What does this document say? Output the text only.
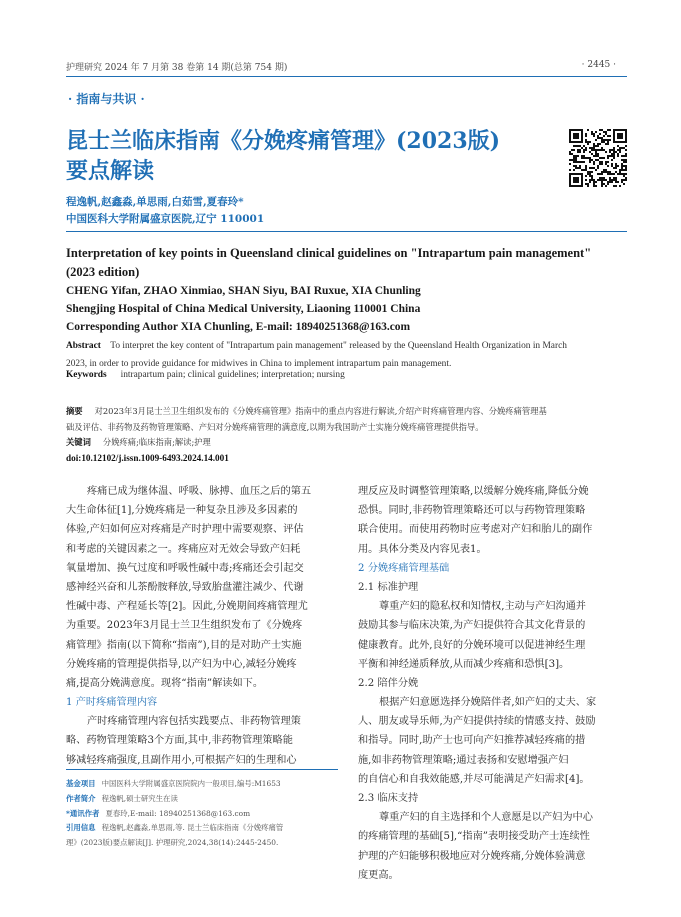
护理研究 2024 年 7 月第 38 卷第 14 期(总第 754 期)	· 2445 ·
· 指南与共识 ·
昆士兰临床指南《分娩疼痛管理》(2023版)
要点解读
程逸帆,赵鑫淼,单思雨,白茹雪,夏春玲*
中国医科大学附属盛京医院,辽宁 110001
Interpretation of key points in Queensland clinical guidelines on "Intrapartum pain management"
(2023 edition)
CHENG Yifan, ZHAO Xinmiao, SHAN Siyu, BAI Ruxue, XIA Chunling
Shengjing Hospital of China Medical University, Liaoning 110001 China
Corresponding Author XIA Chunling, E-mail: 18940251368@163.com
Abstract To interpret the key content of "Intrapartum pain management" released by the Queensland Health Organization in March
2023, in order to provide guidance for midwives in China to implement intrapartum pain management.
Keywords intrapartum pain; clinical guidelines; interpretation; nursing
摘要 对2023年3月昆士兰卫生组织发布的《分娩疼痛管理》指南中的重点内容进行解读,介绍产时疼痛管理内容、分娩疼痛管理基
础及评估、非药物及药物管理策略、产妇对分娩疼痛管理的满意度,以期为我国助产士实施分娩疼痛管理提供指导。
关键词 分娩疼痛;临床指南;解读;护理
doi:10.12102/j.issn.1009-6493.2024.14.001
疼痛已成为继体温、呼吸、脉搏、血压之后的第五
大生命体征[1],分娩疼痛是一种复杂且涉及多因素的
体验,产妇如何应对疼痛是产时护理中需要观察、评估
和考虑的关键因素之一。疼痛应对无效会导致产妇耗
氧量增加、换气过度和呼吸性碱中毒;疼痛还会引起交
感神经兴奋和儿茶酚胺释放,导致胎盘灌注减少、代谢
性碱中毒、产程延长等[2]。因此,分娩期间疼痛管理尤
为重要。2023年3月昆士兰卫生组织发布了《分娩疼
痛管理》指南(以下简称“指南”),目的是对助产士实施
分娩疼痛的管理提供指导,以产妇为中心,减轻分娩疼
痛,提高分娩满意度。现将“指南”解读如下。
1 产时疼痛管理内容
产时疼痛管理内容包括实践要点、非药物管理策
略、药物管理策略3个方面,其中,非药物管理策略能
够减轻疼痛强度,且副作用小,可根据产妇的生理和心
理反应及时调整管理策略,以缓解分娩疼痛,降低分娩
恐惧。同时,非药物管理策略还可以与药物管理策略
联合使用。而使用药物时应考虑对产妇和胎儿的副作
用。具体分类及内容见表1。
2 分娩疼痛管理基础
2.1 标准护理
尊重产妇的隐私权和知情权,主动与产妇沟通并
鼓励其参与临床决策,为产妇提供符合其文化背景的
健康教育。此外,良好的分娩环境可以促进神经生理
平衡和神经递质释放,从而减少疼痛和恐惧[3]。
2.2 陪伴分娩
根据产妇意愿选择分娩陪伴者,如产妇的丈夫、家
人、朋友或导乐师,为产妇提供持续的情感支持、鼓励
和指导。同时,助产士也可向产妇推荐减轻疼痛的措
施,如非药物管理策略;通过表扬和安慰增强产妇
的自信心和自我效能感,并尽可能满足产妇需求[4]。
2.3 临床支持
尊重产妇的自主选择和个人意愿是以产妇为中心
的疼痛管理的基础[5],“指南”表明接受助产士连续性
护理的产妇能够积极地应对分娩疼痛,分娩体验满意
度更高。
基金项目 中国医科大学附属盛京医院院内一般项目,编号:M1653
作者简介 程逸帆,硕士研究生在读
*通讯作者 夏春玲,E-mail: 18940251368@163.com
引用信息 程逸帆,赵鑫淼,单思雨,等. 昆士兰临床指南《分娩疼痛管
理》(2023版)要点解读[J]. 护理研究,2024,38(14):2445-2450.
